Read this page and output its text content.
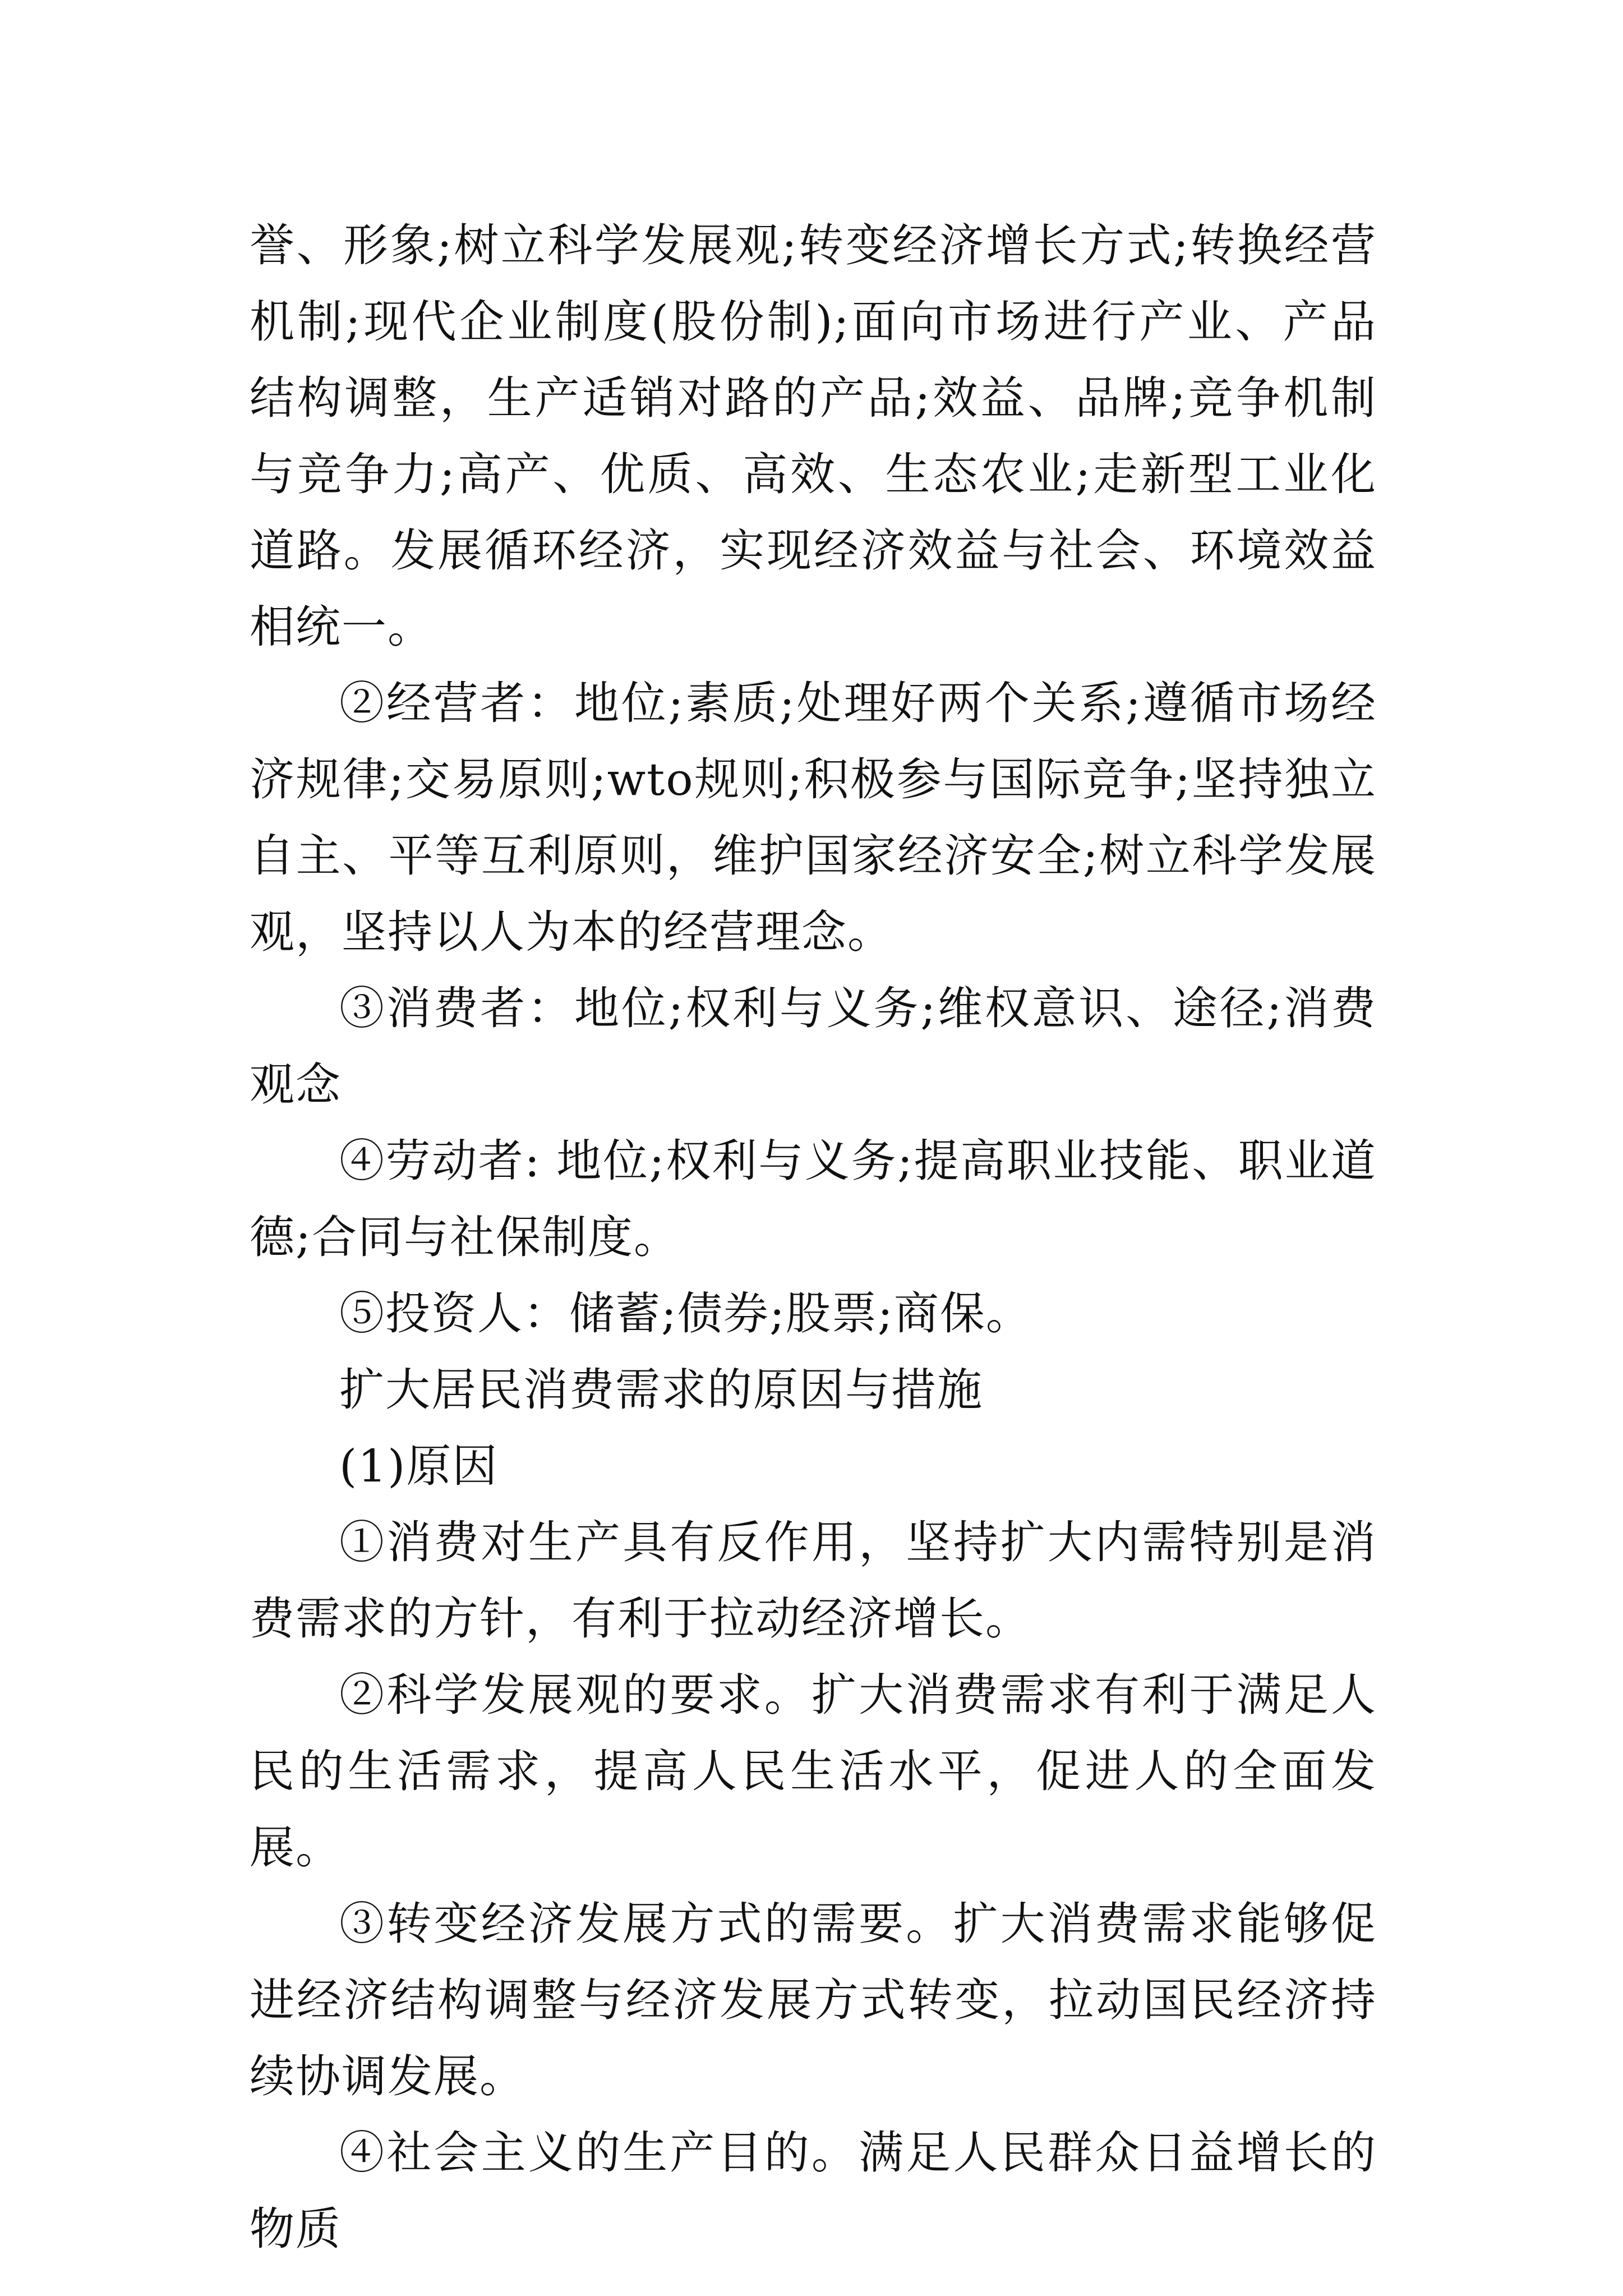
誉、形象;树立科学发展观;转变经济增长方式;转换经营机制;现代企业制度(股份制);面向市场进行产业、产品结构调整，生产适销对路的产品;效益、品牌;竞争机制与竞争力;高产、优质、高效、生态农业;走新型工业化道路。发展循环经济，实现经济效益与社会、环境效益相统一。

②经营者：地位;素质;处理好两个关系;遵循市场经济规律;交易原则;wto规则;积极参与国际竞争;坚持独立自主、平等互利原则，维护国家经济安全;树立科学发展观，坚持以人为本的经营理念。

③消费者：地位;权利与义务;维权意识、途径;消费观念

④劳动者: 地位;权利与义务;提高职业技能、职业道德;合同与社保制度。

⑤投资人：储蓄;债券;股票;商保。

扩大居民消费需求的原因与措施

(1)原因

①消费对生产具有反作用，坚持扩大内需特别是消费需求的方针，有利于拉动经济增长。

②科学发展观的要求。扩大消费需求有利于满足人民的生活需求，提高人民生活水平，促进人的全面发展。

③转变经济发展方式的需要。扩大消费需求能够促进经济结构调整与经济发展方式转变，拉动国民经济持续协调发展。

④社会主义的生产目的。满足人民群众日益增长的物质
